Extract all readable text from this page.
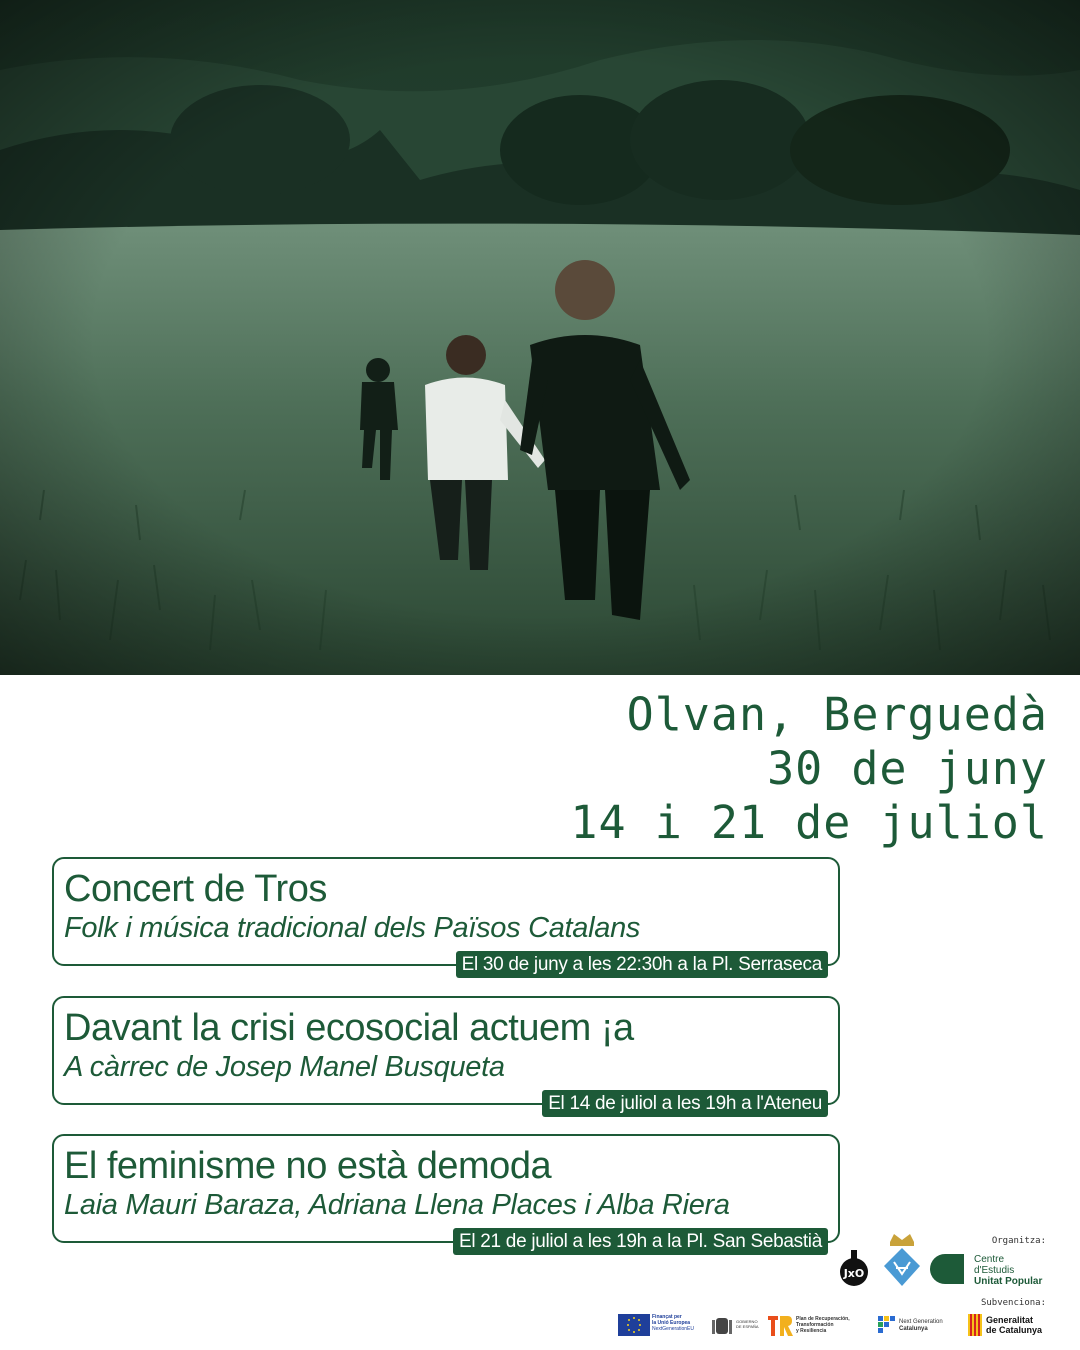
Olvan, Berguedà
30 de juny
14 i 21 de juliol
Concert de Tros
Folk i música tradicional dels Països Catalans
El 30 de juny a les 22:30h a la Pl. Serraseca
Davant la crisi ecosocial actuem ¡a
A càrrec de Josep Manel Busqueta
El 14 de juliol a les 19h a l'Ateneu
El feminisme no està demoda
Laia Mauri Baraza, Adriana Llena Places i Alba Riera
El 21 de juliol a les 19h a la Pl. San Sebastià	Organitza:
JxO
Centre
d'Estudis
Unitat Popular
Subvenciona:
Finançat per
la Unió Europea
NextGenerationEU
GOBIERNO
DE ESPAÑA
Plan de Recuperación,
Transformación
y Resiliencia
Next Generation
Catalunya
Generalitat
de Catalunya
